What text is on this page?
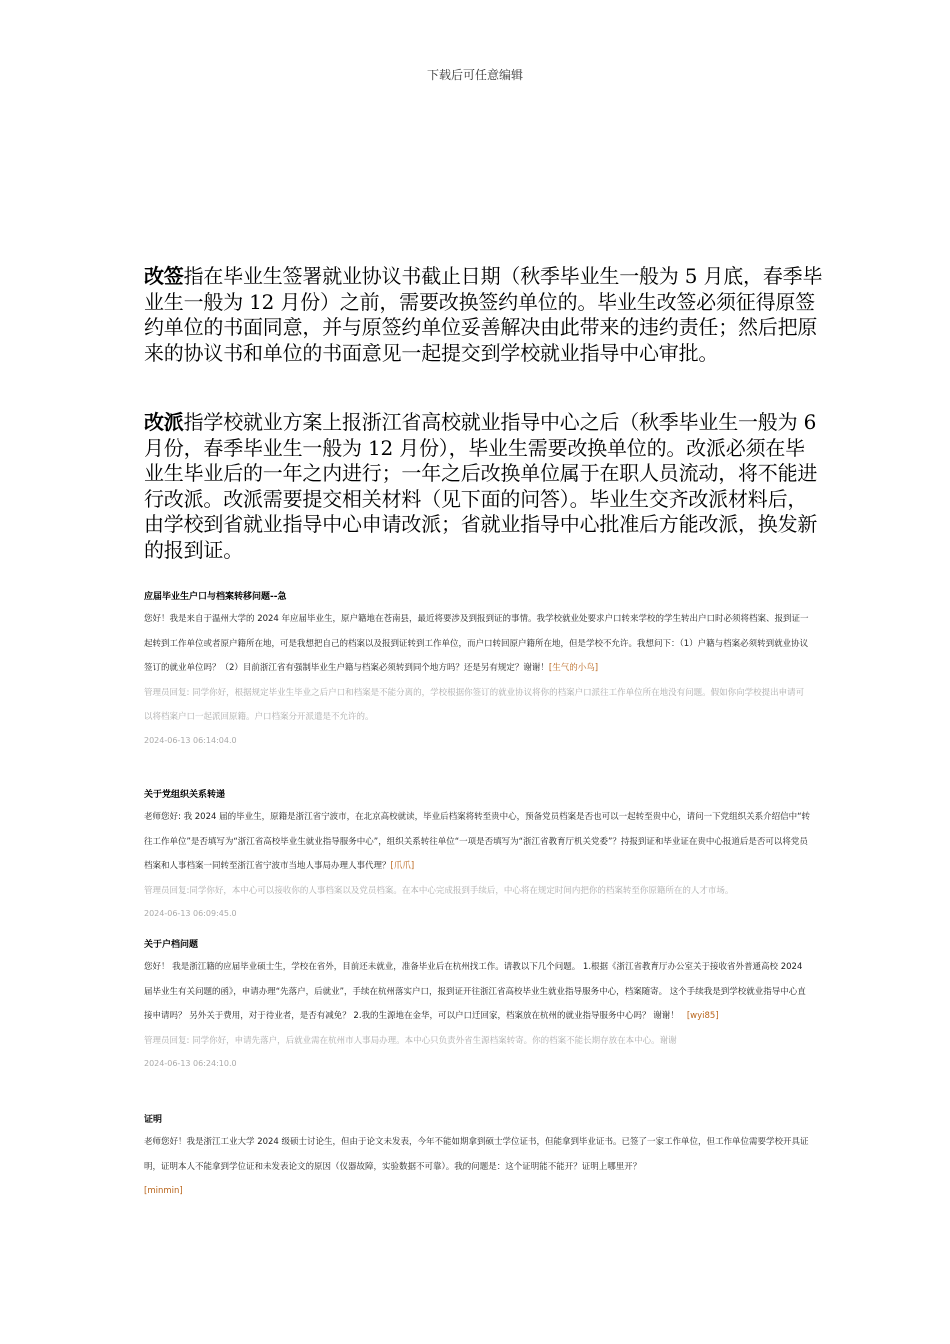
下载后可任意编辑

改签指在毕业生签署就业协议书截止日期（秋季毕业生一般为 5 月底，春季毕业生一般为 12 月份）之前，需要改换签约单位的。毕业生改签必须征得原签约单位的书面同意，并与原签约单位妥善解决由此带来的违约责任；然后把原来的协议书和单位的书面意见一起提交到学校就业指导中心审批。

改派指学校就业方案上报浙江省高校就业指导中心之后（秋季毕业生一般为 6 月份，春季毕业生一般为 12 月份），毕业生需要改换单位的。改派必须在毕业生毕业后的一年之内进行；一年之后改换单位属于在职人员流动，将不能进行改派。改派需要提交相关材料（见下面的问答）。毕业生交齐改派材料后，由学校到省就业指导中心申请改派；省就业指导中心批准后方能改派，换发新的报到证。

应届毕业生户口与档案转移问题--急

您好！我是来自于温州大学的 2024 年应届毕业生，原户籍地在苍南县，最近将要涉及到报到证的事情。我学校就业处要求户口转来学校的学生转出户口时必须将档案、报到证一起转到工作单位或者原户籍所在地，可是我想把自己的档案以及报到证转到工作单位，而户口转回原户籍所在地，但是学校不允许。我想问下：（1）户籍与档案必须转到就业协议签订的就业单位吗？（2）目前浙江省有强制毕业生户籍与档案必须转到同个地方吗？还是另有规定？谢谢！[生气的小鸟]

管理员回复: 同学你好，根据规定毕业生毕业之后户口和档案是不能分离的，学校根据你签订的就业协议将你的档案户口派往工作单位所在地没有问题。假如你向学校提出申请可以将档案户口一起派回原籍。户口档案分开派遣是不允许的。

2024-06-13 06:14:04.0

关于党组织关系转递

老师您好: 我 2024 届的毕业生，原籍是浙江省宁波市，在北京高校就读，毕业后档案将转至贵中心，预备党员档案是否也可以一起转至贵中心，请问一下党组织关系介绍信中“转往工作单位”是否填写为“浙江省高校毕业生就业指导服务中心”，组织关系转往单位“一项是否填写为“浙江省教育厅机关党委”？持报到证和毕业证在贵中心报道后是否可以将党员档案和人事档案一同转至浙江省宁波市当地人事局办理人事代理？[爪爪]

管理员回复:同学你好，本中心可以接收你的人事档案以及党员档案。在本中心完成报到手续后，中心将在规定时间内把你的档案转至你原籍所在的人才市场。

2024-06-13 06:09:45.0

关于户档问题

您好！ 我是浙江籍的应届毕业硕士生，学校在省外，目前还未就业，准备毕业后在杭州找工作。请教以下几个问题。 1.根据《浙江省教育厅办公室关于接收省外普通高校 2024 届毕业生有关问题的函》，申请办理“先落户，后就业”，手续在杭州落实户口，报到证开往浙江省高校毕业生就业指导服务中心，档案随寄。 这个手续我是到学校就业指导中心直接申请吗？ 另外关于费用，对于待业者，是否有减免？ 2.我的生源地在金华，可以户口迁回家，档案放在杭州的就业指导服务中心吗？ 谢谢！ [wyi85]

管理员回复: 同学你好，申请先落户，后就业需在杭州市人事局办理。本中心只负责外省生源档案转寄。你的档案不能长期存放在本中心。谢谢

2024-06-13 06:24:10.0

证明

老师您好！我是浙江工业大学 2024 级硕士讨论生，但由于论文未发表，今年不能如期拿到硕士学位证书，但能拿到毕业证书。已签了一家工作单位，但工作单位需要学校开具证明，证明本人不能拿到学位证和未发表论文的原因（仪器故障，实验数据不可靠）。我的问题是：这个证明能不能开？证明上哪里开？
[minmin]
